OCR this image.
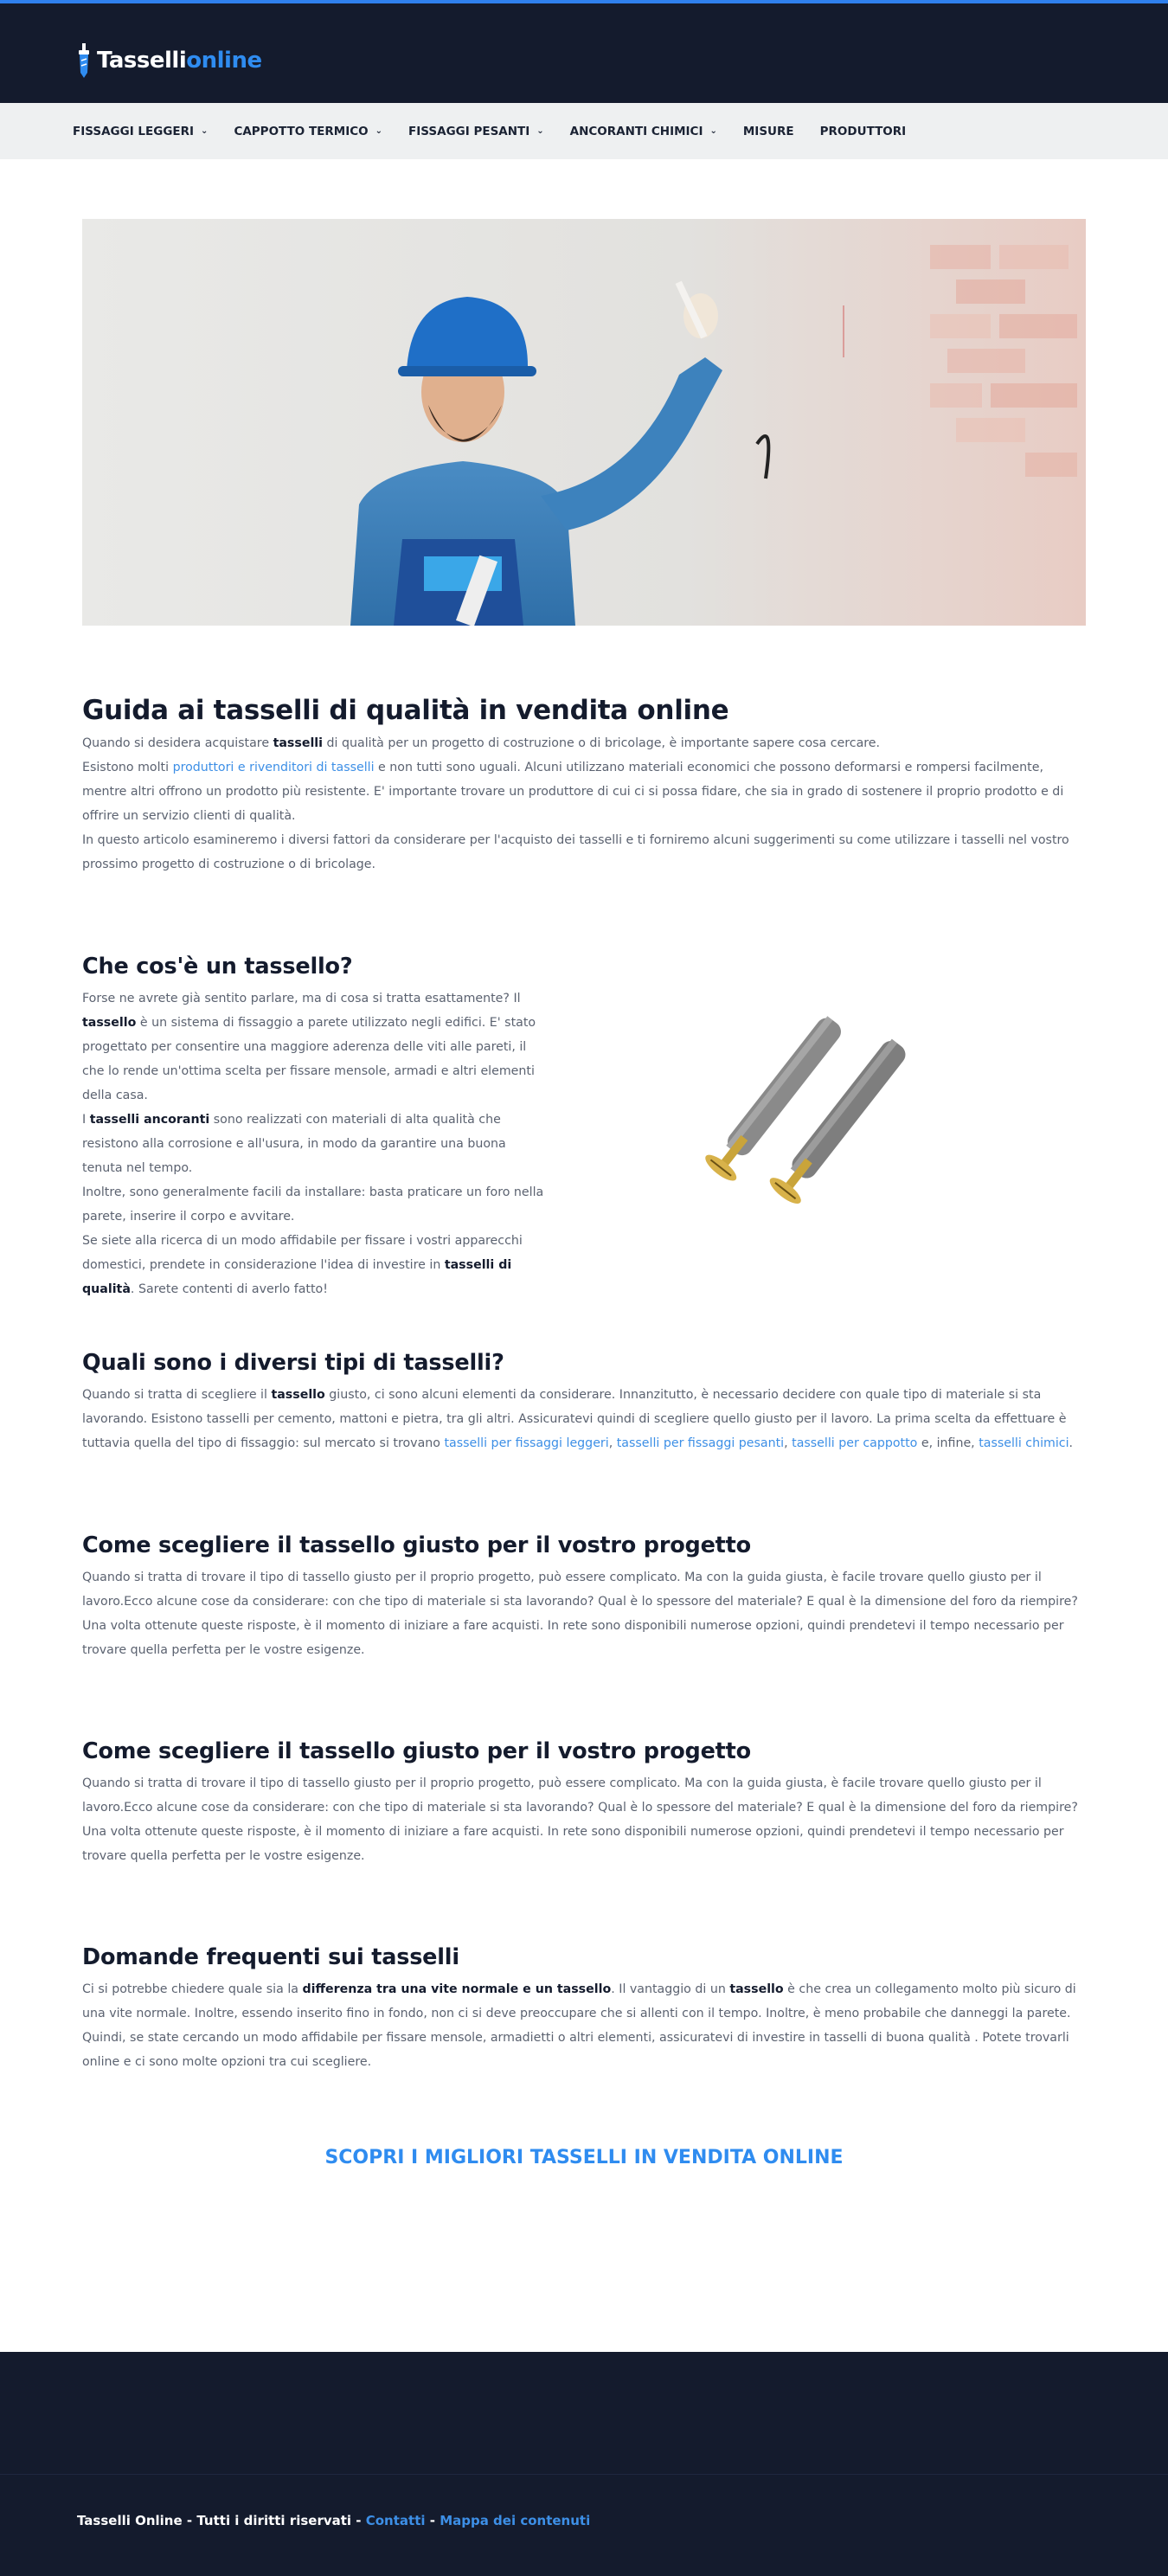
Tassellionline
FISSAGGI LEGGERI ⌄ CAPPOTTO TERMICO ⌄ FISSAGGI PESANTI ⌄ ANCORANTI CHIMICI ⌄ MISURE PRODUTTORI
Guida ai tasselli di qualità in vendita online

Quando si desidera acquistare tasselli di qualità per un progetto di costruzione o di bricolage, è importante sapere cosa cercare.

Esistono molti produttori e rivenditori di tasselli e non tutti sono uguali. Alcuni utilizzano materiali economici che possono deformarsi e rompersi facilmente, mentre altri offrono un prodotto più resistente. E' importante trovare un produttore di cui ci si possa fidare, che sia in grado di sostenere il proprio prodotto e di offrire un servizio clienti di qualità.

In questo articolo esamineremo i diversi fattori da considerare per l'acquisto dei tasselli e ti forniremo alcuni suggerimenti su come utilizzare i tasselli nel vostro prossimo progetto di costruzione o di bricolage.

Che cos'è un tassello?

Forse ne avrete già sentito parlare, ma di cosa si tratta esattamente? Il tassello è un sistema di fissaggio a parete utilizzato negli edifici. E' stato progettato per consentire una maggiore aderenza delle viti alle pareti, il che lo rende un'ottima scelta per fissare mensole, armadi e altri elementi della casa.

I tasselli ancoranti sono realizzati con materiali di alta qualità che resistono alla corrosione e all'usura, in modo da garantire una buona tenuta nel tempo.

Inoltre, sono generalmente facili da installare: basta praticare un foro nella parete, inserire il corpo e avvitare.

Se siete alla ricerca di un modo affidabile per fissare i vostri apparecchi domestici, prendete in considerazione l'idea di investire in tasselli di qualità. Sarete contenti di averlo fatto!

Quali sono i diversi tipi di tasselli?

Quando si tratta di scegliere il tassello giusto, ci sono alcuni elementi da considerare. Innanzitutto, è necessario decidere con quale tipo di materiale si sta lavorando. Esistono tasselli per cemento, mattoni e pietra, tra gli altri. Assicuratevi quindi di scegliere quello giusto per il lavoro. La prima scelta da effettuare è tuttavia quella del tipo di fissaggio: sul mercato si trovano tasselli per fissaggi leggeri, tasselli per fissaggi pesanti, tasselli per cappotto e, infine, tasselli chimici.

Come scegliere il tassello giusto per il vostro progetto

Quando si tratta di trovare il tipo di tassello giusto per il proprio progetto, può essere complicato. Ma con la guida giusta, è facile trovare quello giusto per il lavoro.Ecco alcune cose da considerare: con che tipo di materiale si sta lavorando? Qual è lo spessore del materiale? E qual è la dimensione del foro da riempire?Una volta ottenute queste risposte, è il momento di iniziare a fare acquisti. In rete sono disponibili numerose opzioni, quindi prendetevi il tempo necessario per trovare quella perfetta per le vostre esigenze.

Come scegliere il tassello giusto per il vostro progetto

Quando si tratta di trovare il tipo di tassello giusto per il proprio progetto, può essere complicato. Ma con la guida giusta, è facile trovare quello giusto per il lavoro.Ecco alcune cose da considerare: con che tipo di materiale si sta lavorando? Qual è lo spessore del materiale? E qual è la dimensione del foro da riempire?Una volta ottenute queste risposte, è il momento di iniziare a fare acquisti. In rete sono disponibili numerose opzioni, quindi prendetevi il tempo necessario per trovare quella perfetta per le vostre esigenze.

Domande frequenti sui tasselli

Ci si potrebbe chiedere quale sia la differenza tra una vite normale e un tassello. Il vantaggio di un tassello è che crea un collegamento molto più sicuro di una vite normale. Inoltre, essendo inserito fino in fondo, non ci si deve preoccupare che si allenti con il tempo. Inoltre, è meno probabile che danneggi la parete. Quindi, se state cercando un modo affidabile per fissare mensole, armadietti o altri elementi, assicuratevi di investire in tasselli di buona qualità . Potete trovarli online e ci sono molte opzioni tra cui scegliere.

SCOPRI I MIGLIORI TASSELLI IN VENDITA ONLINE
Tasselli Online - Tutti i diritti riservati - Contatti - Mappa dei contenuti
